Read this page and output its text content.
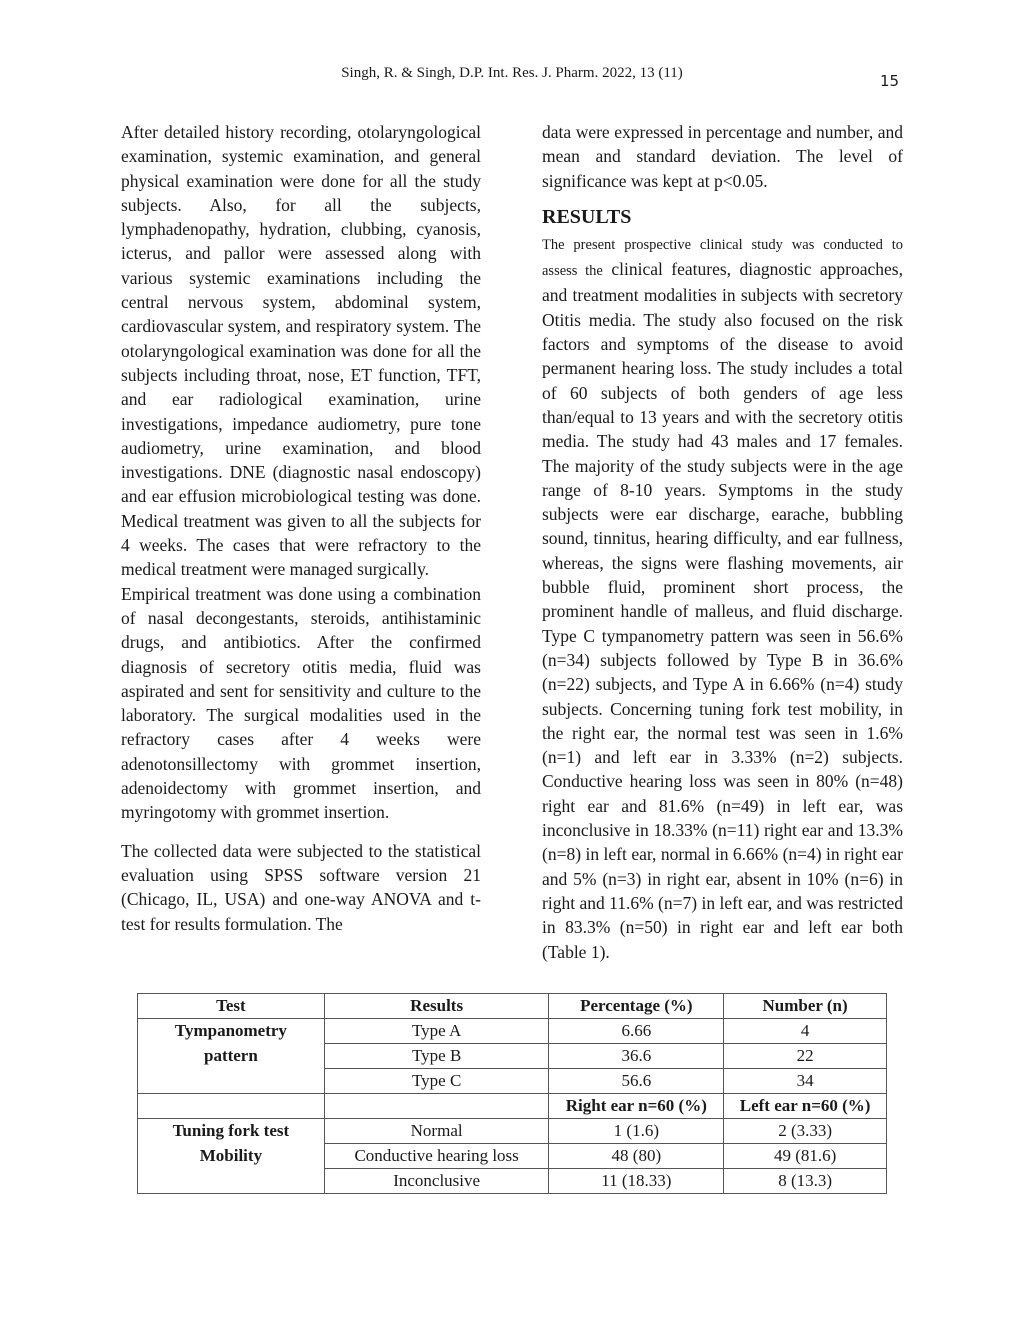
Singh, R. & Singh, D.P. Int. Res. J. Pharm. 2022, 13 (11)	15

After detailed history recording, otolaryngological examination, systemic examination, and general physical examination were done for all the study subjects. Also, for all the subjects, lymphadenopathy, hydration, clubbing, cyanosis, icterus, and pallor were assessed along with various systemic examinations including the central nervous system, abdominal system, cardiovascular system, and respiratory system. The otolaryngological examination was done for all the subjects including throat, nose, ET function, TFT, and ear radiological examination, urine investigations, impedance audiometry, pure tone audiometry, urine examination, and blood investigations. DNE (diagnostic nasal endoscopy) and ear effusion microbiological testing was done. Medical treatment was given to all the subjects for 4 weeks. The cases that were refractory to the medical treatment were managed surgically.

Empirical treatment was done using a combination of nasal decongestants, steroids, antihistaminic drugs, and antibiotics. After the confirmed diagnosis of secretory otitis media, fluid was aspirated and sent for sensitivity and culture to the laboratory. The surgical modalities used in the refractory cases after 4 weeks were adenotonsillectomy with grommet insertion, adenoidectomy with grommet insertion, and myringotomy with grommet insertion.

The collected data were subjected to the statistical evaluation using SPSS software version 21 (Chicago, IL, USA) and one-way ANOVA and t-test for results formulation. The

data were expressed in percentage and number, and mean and standard deviation. The level of significance was kept at p<0.05.

RESULTS

The present prospective clinical study was conducted to assess the clinical features, diagnostic approaches, and treatment modalities in subjects with secretory Otitis media. The study also focused on the risk factors and symptoms of the disease to avoid permanent hearing loss. The study includes a total of 60 subjects of both genders of age less than/equal to 13 years and with the secretory otitis media. The study had 43 males and 17 females. The majority of the study subjects were in the age range of 8-10 years. Symptoms in the study subjects were ear discharge, earache, bubbling sound, tinnitus, hearing difficulty, and ear fullness, whereas, the signs were flashing movements, air bubble fluid, prominent short process, the prominent handle of malleus, and fluid discharge. Type C tympanometry pattern was seen in 56.6% (n=34) subjects followed by Type B in 36.6% (n=22) subjects, and Type A in 6.66% (n=4) study subjects. Concerning tuning fork test mobility, in the right ear, the normal test was seen in 1.6% (n=1) and left ear in 3.33% (n=2) subjects. Conductive hearing loss was seen in 80% (n=48) right ear and 81.6% (n=49) in left ear, was inconclusive in 18.33% (n=11) right ear and 13.3% (n=8) in left ear, normal in 6.66% (n=4) in right ear and 5% (n=3) in right ear, absent in 10% (n=6) in right and 11.6% (n=7) in left ear, and was restricted in 83.3% (n=50) in right ear and left ear both (Table 1).

Test	Results	Percentage (%)	Number (n)

Tympanometry
pattern	Type A	6.66	4
	Type B	36.6	22
	Type C	56.6	34
		Right ear n=60 (%)	Left ear n=60 (%)

Tuning fork test
Mobility	Normal	1 (1.6)	2 (3.33)
	Conductive hearing loss	48 (80)	49 (81.6)
	Inconclusive	11 (18.33)	8 (13.3)
